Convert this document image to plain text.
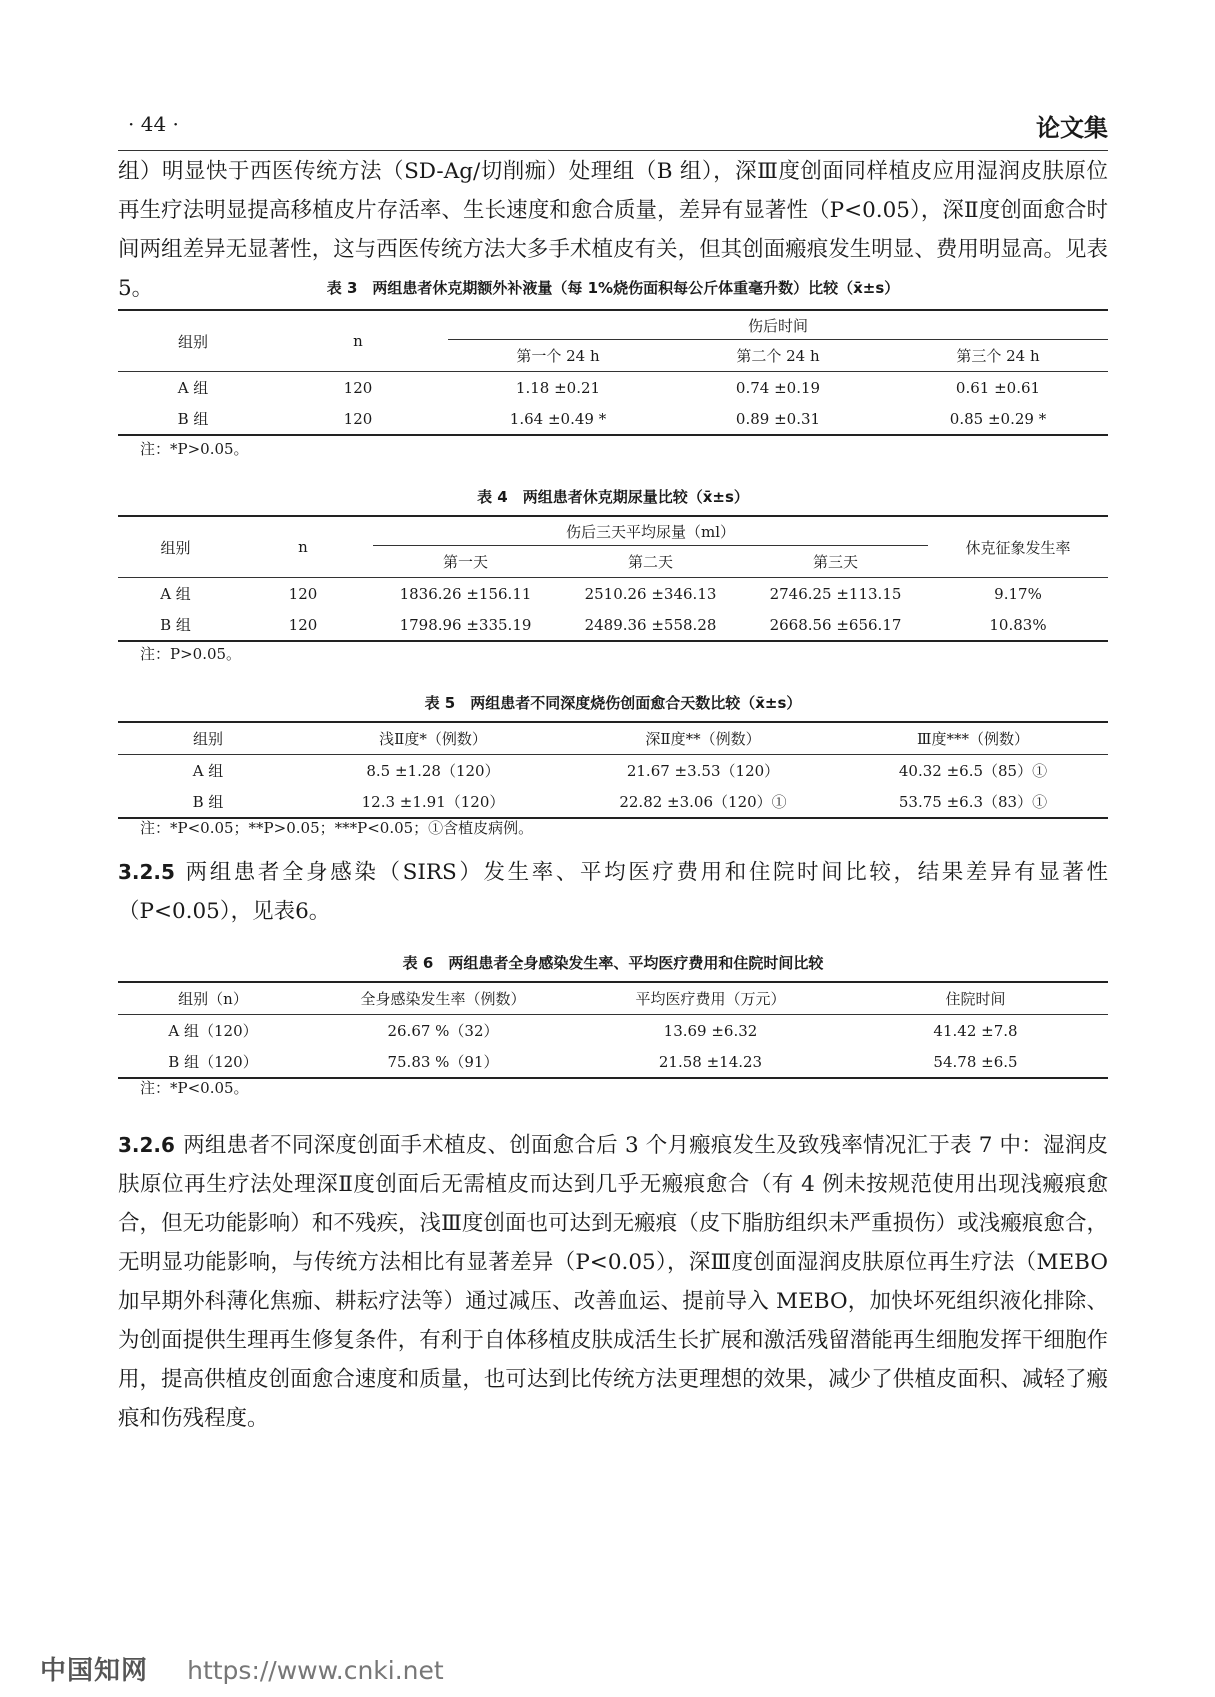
· 44 ·	论文集

组）明显快于西医传统方法（SD-Ag/切削痂）处理组（B 组），深Ⅲ度创面同样植皮应用湿润皮肤原位再生疗法明显提高移植皮片存活率、生长速度和愈合质量，差异有显著性（P<0.05），深Ⅱ度创面愈合时间两组差异无显著性，这与西医传统方法大多手术植皮有关，但其创面瘢痕发生明显、费用明显高。见表5。	表 3　两组患者休克期额外补液量（每 1%烧伤面积每公斤体重毫升数）比较（x̄±s）
组别	n	伤后时间		
		第一个 24 h	第二个 24 h	第三个 24 h
A 组	120	1.18 ±0.21	0.74 ±0.19	0.61 ±0.61
B 组	120	1.64 ±0.49 *	0.89 ±0.31	0.85 ±0.29 *
注：*P>0.05。
表 4　两组患者休克期尿量比较（x̄±s）
组别	n	伤后三天平均尿量（ml）			休克征象发生率
		第一天	第二天	第三天	
A 组	120	1836.26 ±156.11	2510.26 ±346.13	2746.25 ±113.15	9.17%
B 组	120	1798.96 ±335.19	2489.36 ±558.28	2668.56 ±656.17	10.83%
注：P>0.05。
表 5　两组患者不同深度烧伤创面愈合天数比较（x̄±s）
组别	浅Ⅱ度*（例数）	深Ⅱ度**（例数）	Ⅲ度***（例数）
A 组	8.5 ±1.28（120）	21.67 ±3.53（120）	40.32 ±6.5（85）①
B 组	12.3 ±1.91（120）	22.82 ±3.06（120）①	53.75 ±6.3（83）①
注：*P<0.05；**P>0.05；***P<0.05；①含植皮病例。

3.2.5 两组患者全身感染（SIRS）发生率、平均医疗费用和住院时间比较，结果差异有显著性（P<0.05），见表6。

表 6　两组患者全身感染发生率、平均医疗费用和住院时间比较
组别（n）	全身感染发生率（例数）	平均医疗费用（万元）	住院时间
A 组（120）	26.67 %（32）	13.69 ±6.32	41.42 ±7.8
B 组（120）	75.83 %（91）	21.58 ±14.23	54.78 ±6.5
注：*P<0.05。

3.2.6 两组患者不同深度创面手术植皮、创面愈合后 3 个月瘢痕发生及致残率情况汇于表 7 中：湿润皮肤原位再生疗法处理深Ⅱ度创面后无需植皮而达到几乎无瘢痕愈合（有 4 例未按规范使用出现浅瘢痕愈合，但无功能影响）和不残疾，浅Ⅲ度创面也可达到无瘢痕（皮下脂肪组织未严重损伤）或浅瘢痕愈合，无明显功能影响，与传统方法相比有显著差异（P<0.05），深Ⅲ度创面湿润皮肤原位再生疗法（MEBO加早期外科薄化焦痂、耕耘疗法等）通过减压、改善血运、提前导入 MEBO，加快坏死组织液化排除、为创面提供生理再生修复条件，有利于自体移植皮肤成活生长扩展和激活残留潜能再生细胞发挥干细胞作用，提高供植皮创面愈合速度和质量，也可达到比传统方法更理想的效果，减少了供植皮面积、减轻了瘢痕和伤残程度。

中国知网 https://www.cnki.net
